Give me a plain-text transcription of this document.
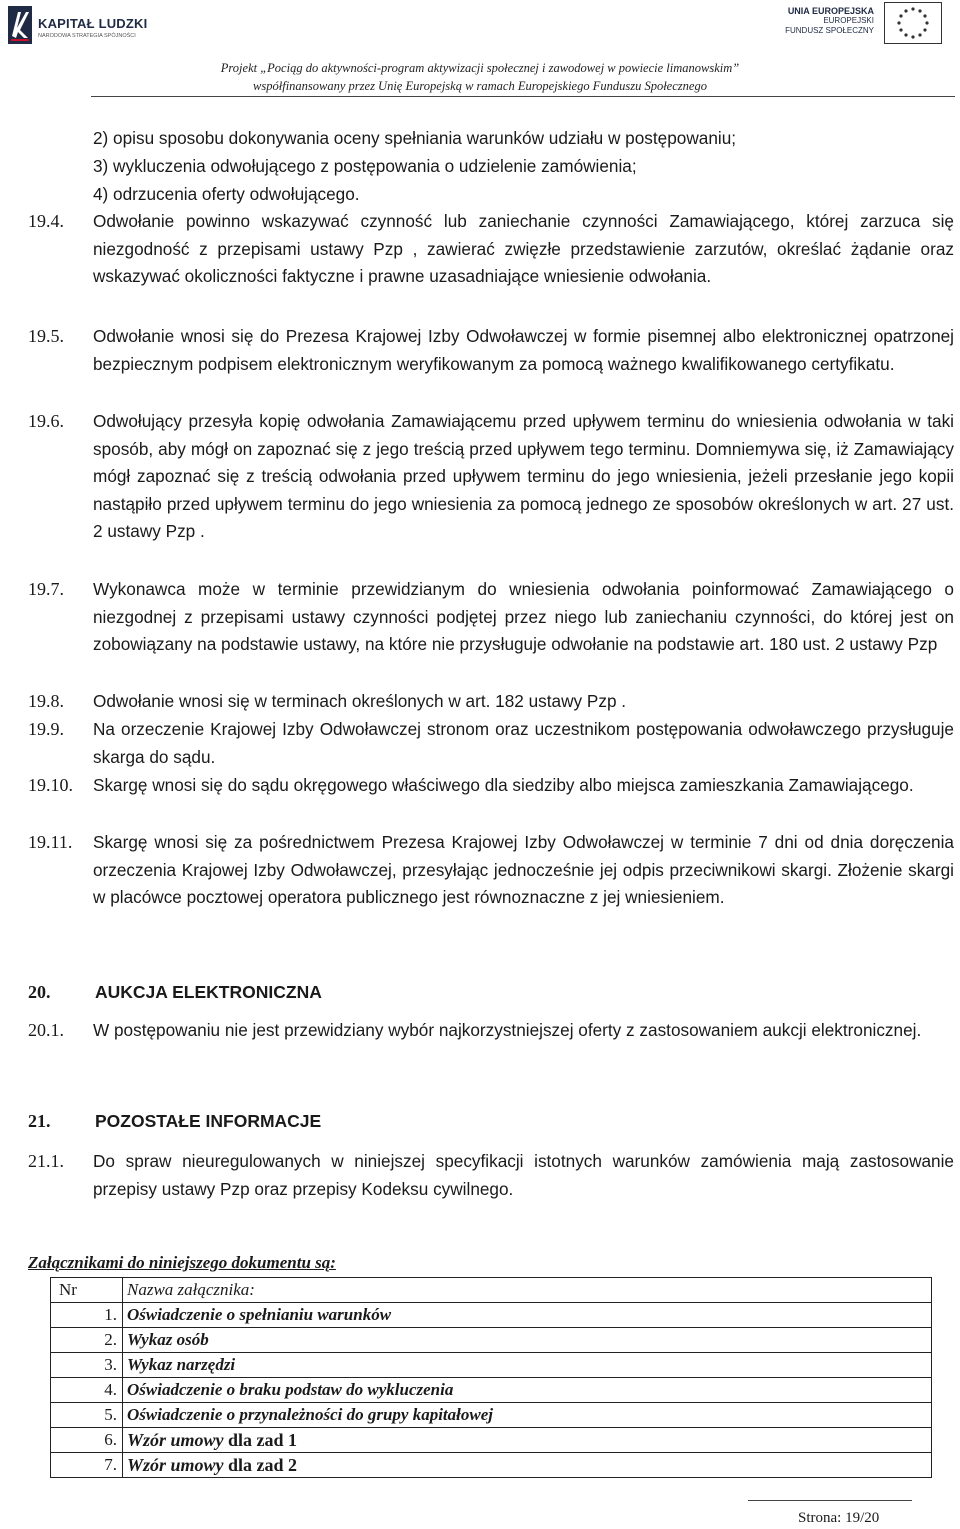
KAPITAŁ LUDZKI
NARODOWA STRATEGIA SPÓJNOŚCI
UNIA EUROPEJSKA
EUROPEJSKI
FUNDUSZ SPOŁECZNY
Projekt „Pociąg do aktywności-program aktywizacji społecznej i zawodowej w powiecie limanowskim”
współfinansowany przez Unię Europejską w ramach Europejskiego Funduszu Społecznego
2) opisu sposobu dokonywania oceny spełniania warunków udziału w postępowaniu;
3) wykluczenia odwołującego z postępowania o udzielenie zamówienia;
4) odrzucenia oferty odwołującego.
19.4. Odwołanie powinno wskazywać czynność lub zaniechanie czynności Zamawiającego, której zarzuca się niezgodność z przepisami ustawy Pzp , zawierać zwięzłe przedstawienie zarzutów, określać żądanie oraz wskazywać okoliczności faktyczne i prawne uzasadniające wniesienie odwołania.
19.5. Odwołanie wnosi się do Prezesa Krajowej Izby Odwoławczej w formie pisemnej albo elektronicznej opatrzonej bezpiecznym podpisem elektronicznym weryfikowanym za pomocą ważnego kwalifikowanego certyfikatu.
19.6. Odwołujący przesyła kopię odwołania Zamawiającemu przed upływem terminu do wniesienia odwołania w taki sposób, aby mógł on zapoznać się z jego treścią przed upływem tego terminu. Domniemywa się, iż Zamawiający mógł zapoznać się z treścią odwołania przed upływem terminu do jego wniesienia, jeżeli przesłanie jego kopii nastąpiło przed upływem terminu do jego wniesienia za pomocą jednego ze sposobów określonych w art. 27 ust. 2 ustawy Pzp .
19.7. Wykonawca może w terminie przewidzianym do wniesienia odwołania poinformować Zamawiającego o niezgodnej z przepisami ustawy czynności podjętej przez niego lub zaniechaniu czynności, do której jest on zobowiązany na podstawie ustawy, na które nie przysługuje odwołanie na podstawie art. 180 ust. 2 ustawy Pzp
19.8. Odwołanie wnosi się w terminach określonych w art. 182 ustawy Pzp .
19.9. Na orzeczenie Krajowej Izby Odwoławczej stronom oraz uczestnikom postępowania odwoławczego przysługuje skarga do sądu.
19.10. Skargę wnosi się do sądu okręgowego właściwego dla siedziby albo miejsca zamieszkania Zamawiającego.
19.11. Skargę wnosi się za pośrednictwem Prezesa Krajowej Izby Odwoławczej w terminie 7 dni od dnia doręczenia orzeczenia Krajowej Izby Odwoławczej, przesyłając jednocześnie jej odpis przeciwnikowi skargi. Złożenie skargi w placówce pocztowej operatora publicznego jest równoznaczne z jej wniesieniem.
20.	AUKCJA ELEKTRONICZNA
20.1. W postępowaniu nie jest przewidziany wybór najkorzystniejszej oferty z zastosowaniem aukcji elektronicznej.
21.	POZOSTAŁE INFORMACJE
21.1. Do spraw nieuregulowanych w niniejszej specyfikacji istotnych warunków zamówienia mają zastosowanie przepisy ustawy Pzp oraz przepisy Kodeksu cywilnego.
Załącznikami do niniejszego dokumentu są:
Nr	Nazwa załącznika:
1.	Oświadczenie o spełnianiu warunków
2.	Wykaz osób
3.	Wykaz narzędzi
4.	Oświadczenie o braku podstaw do wykluczenia
5.	Oświadczenie o przynależności do grupy kapitałowej
6.	Wzór umowy dla zad 1
7.	Wzór umowy dla zad 2
Strona: 19/20
